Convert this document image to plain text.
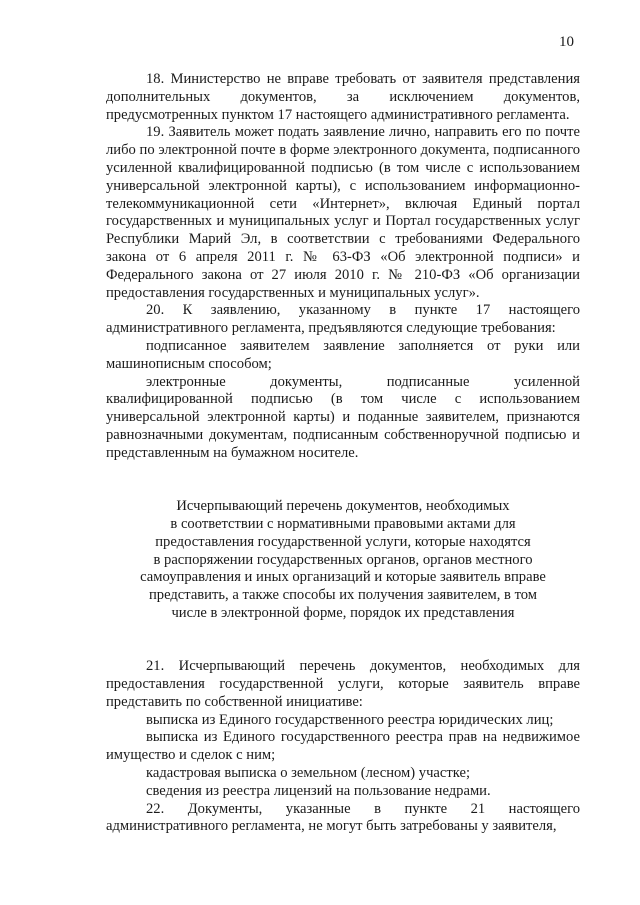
10

18. Министерство не вправе требовать от заявителя представления дополнительных документов, за исключением документов, предусмотренных пунктом 17 настоящего административного регламента.

19. Заявитель может подать заявление лично, направить его по почте либо по электронной почте в форме электронного документа, подписанного усиленной квалифицированной подписью (в том числе с использованием универсальной электронной карты), с использованием информационно-телекоммуникационной сети «Интернет», включая Единый портал государственных и муниципальных услуг и Портал государственных услуг Республики Марий Эл, в соответствии с требованиями Федерального закона от 6 апреля 2011 г. № 63-ФЗ «Об электронной подписи» и Федерального закона от 27 июля 2010 г. № 210-ФЗ «Об организации предоставления государственных и муниципальных услуг».

20. К заявлению, указанному в пункте 17 настоящего административного регламента, предъявляются следующие требования:

подписанное заявителем заявление заполняется от руки или машинописным способом;

электронные документы, подписанные усиленной квалифицированной подписью (в том числе с использованием универсальной электронной карты) и поданные заявителем, признаются равнозначными документам, подписанным собственноручной подписью и представленным на бумажном носителе.

Исчерпывающий перечень документов, необходимых

в соответствии с нормативными правовыми актами для

предоставления государственной услуги, которые находятся

в распоряжении государственных органов, органов местного

самоуправления и иных организаций и которые заявитель вправе

представить, а также способы их получения заявителем, в том

числе в электронной форме, порядок их представления

21. Исчерпывающий перечень документов, необходимых для предоставления государственной услуги, которые заявитель вправе представить по собственной инициативе:

выписка из Единого государственного реестра юридических лиц;

выписка из Единого государственного реестра прав на недвижимое имущество и сделок с ним;

кадастровая выписка о земельном (лесном) участке;

сведения из реестра лицензий на пользование недрами.

22. Документы, указанные в пункте 21 настоящего административного регламента, не могут быть затребованы у заявителя,
